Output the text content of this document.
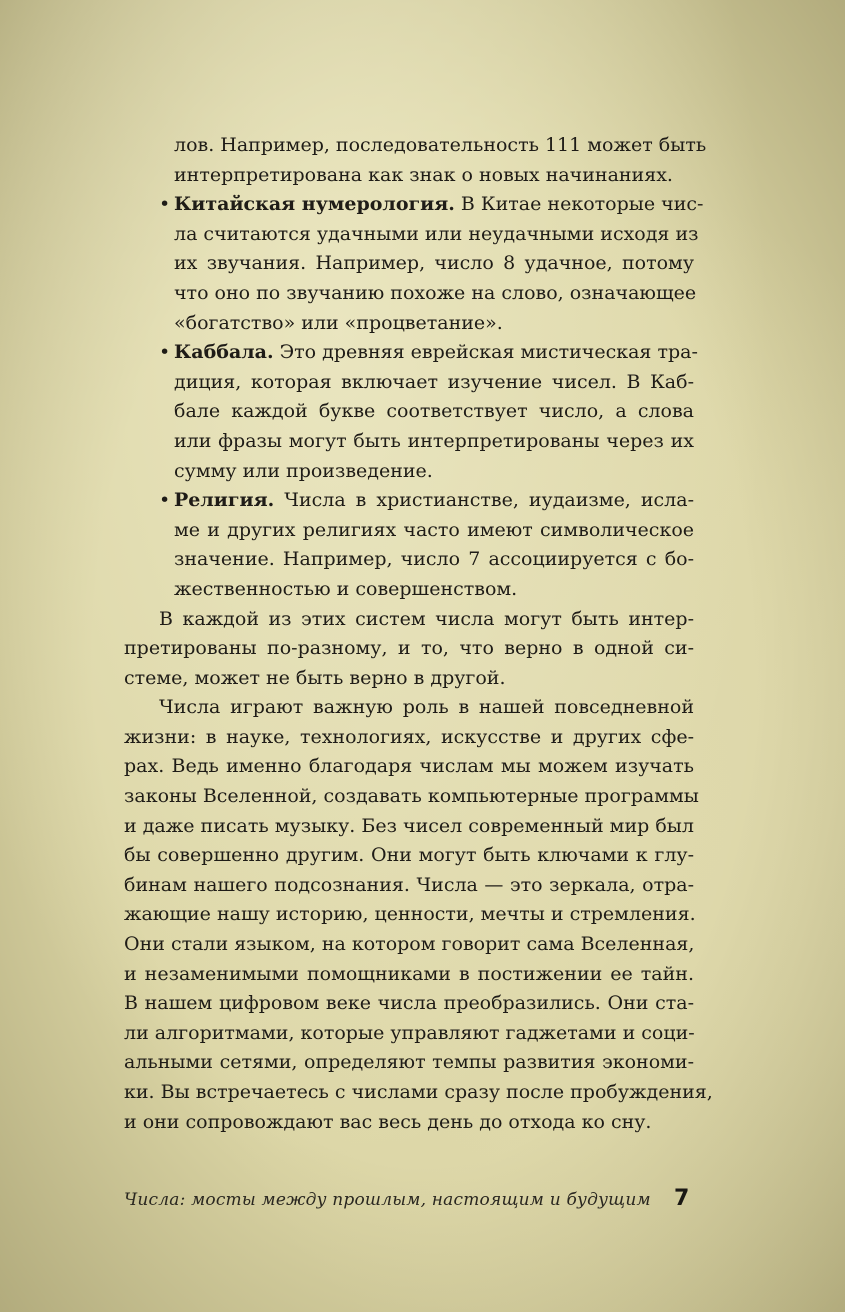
лов. Например, последовательность 111 может быть
интерпретирована как знак о новых начинаниях.
• Китайская нумерология. В Китае некоторые чис-
ла считаются удачными или неудачными исходя из
их звучания. Например, число 8 удачное, потому
что оно по звучанию похоже на слово, означающее
«богатство» или «процветание».
• Каббала. Это древняя еврейская мистическая тра-
диция, которая включает изучение чисел. В Каб-
бале каждой букве соответствует число, а слова
или фразы могут быть интерпретированы через их
сумму или произведение.
• Религия. Числа в христианстве, иудаизме, исла-
ме и других религиях часто имеют символическое
значение. Например, число 7 ассоциируется с бо-
жественностью и совершенством.
В каждой из этих систем числа могут быть интер-
претированы по-разному, и то, что верно в одной си-
стеме, может не быть верно в другой.
Числа играют важную роль в нашей повседневной
жизни: в науке, технологиях, искусстве и других сфе-
рах. Ведь именно благодаря числам мы можем изучать
законы Вселенной, создавать компьютерные программы
и даже писать музыку. Без чисел современный мир был
бы совершенно другим. Они могут быть ключами к глу-
бинам нашего подсознания. Числа — это зеркала, отра-
жающие нашу историю, ценности, мечты и стремления.
Они стали языком, на котором говорит сама Вселенная,
и незаменимыми помощниками в постижении ее тайн.
В нашем цифровом веке числа преобразились. Они ста-
ли алгоритмами, которые управляют гаджетами и соци-
альными сетями, определяют темпы развития экономи-
ки. Вы встречаетесь с числами сразу после пробуждения,
и они сопровождают вас весь день до отхода ко сну.
Числа: мосты между прошлым, настоящим и будущим 7
